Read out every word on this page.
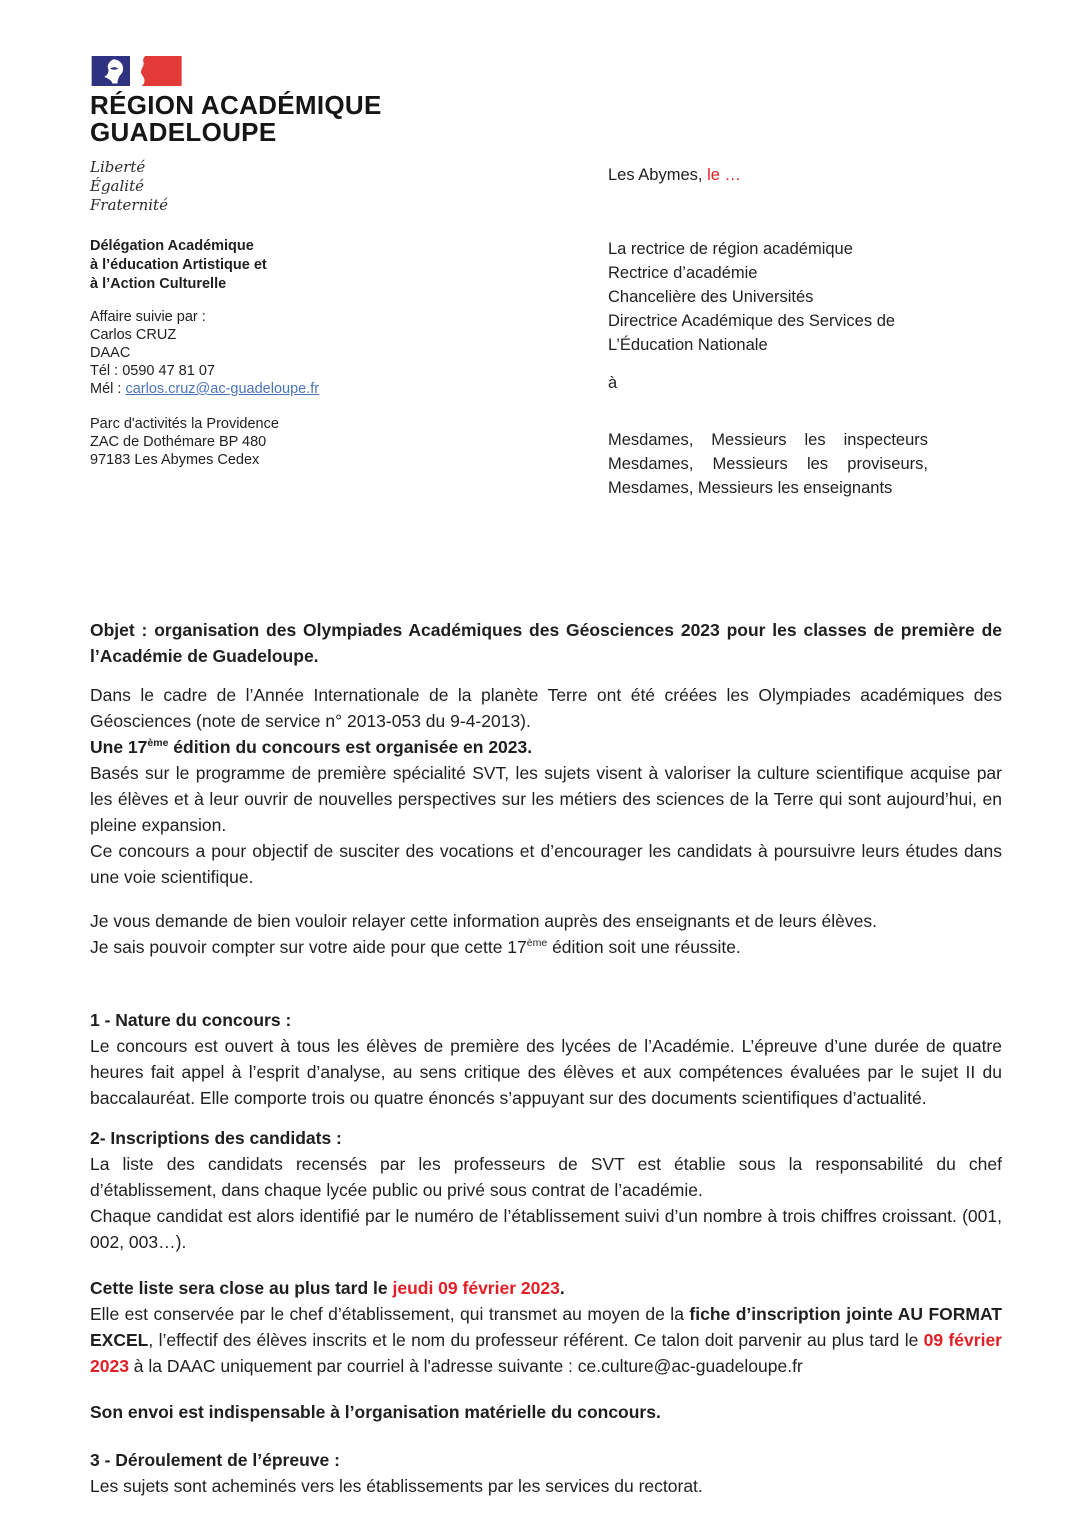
RÉGION ACADÉMIQUE
GUADELOUPE
Liberté
Égalité
Fraternité
Délégation Académique
à l’éducation Artistique et
à l’Action Culturelle
Affaire suivie par :
Carlos CRUZ
DAAC
Tél : 0590 47 81 07
Mél : carlos.cruz@ac-guadeloupe.fr
Parc d'activités la Providence
ZAC de Dothémare BP 480
97183 Les Abymes Cedex
Les Abymes, le …
La rectrice de région académique
Rectrice d’académie
Chancelière des Universités
Directrice Académique des Services de
L’Éducation Nationale
à
Mesdames, Messieurs les inspecteurs
Mesdames, Messieurs les proviseurs,
Mesdames, Messieurs les enseignants

Objet : organisation des Olympiades Académiques des Géosciences 2023 pour les classes de première de l’Académie de Guadeloupe.

Dans le cadre de l’Année Internationale de la planète Terre ont été créées les Olympiades académiques des Géosciences (note de service n° 2013-053 du 9-4-2013).

Une 17ème édition du concours est organisée en 2023.

Basés sur le programme de première spécialité SVT, les sujets visent à valoriser la culture scientifique acquise par les élèves et à leur ouvrir de nouvelles perspectives sur les métiers des sciences de la Terre qui sont aujourd’hui, en pleine expansion.

Ce concours a pour objectif de susciter des vocations et d’encourager les candidats à poursuivre leurs études dans une voie scientifique.

Je vous demande de bien vouloir relayer cette information auprès des enseignants et de leurs élèves.

Je sais pouvoir compter sur votre aide pour que cette 17ème édition soit une réussite.

1 - Nature du concours :

Le concours est ouvert à tous les élèves de première des lycées de l’Académie. L’épreuve d’une durée de quatre heures fait appel à l’esprit d’analyse, au sens critique des élèves et aux compétences évaluées par le sujet II du baccalauréat. Elle comporte trois ou quatre énoncés s’appuyant sur des documents scientifiques d’actualité.

2- Inscriptions des candidats :

La liste des candidats recensés par les professeurs de SVT est établie sous la responsabilité du chef d’établissement, dans chaque lycée public ou privé sous contrat de l’académie.

Chaque candidat est alors identifié par le numéro de l’établissement suivi d’un nombre à trois chiffres croissant. (001, 002, 003…).

Cette liste sera close au plus tard le jeudi 09 février 2023.

Elle est conservée par le chef d’établissement, qui transmet au moyen de la fiche d’inscription jointe AU FORMAT EXCEL, l’effectif des élèves inscrits et le nom du professeur référent. Ce talon doit parvenir au plus tard le 09 février 2023 à la DAAC uniquement par courriel à l'adresse suivante : ce.culture@ac-guadeloupe.fr

Son envoi est indispensable à l’organisation matérielle du concours.

3 - Déroulement de l’épreuve :

Les sujets sont acheminés vers les établissements par les services du rectorat.
